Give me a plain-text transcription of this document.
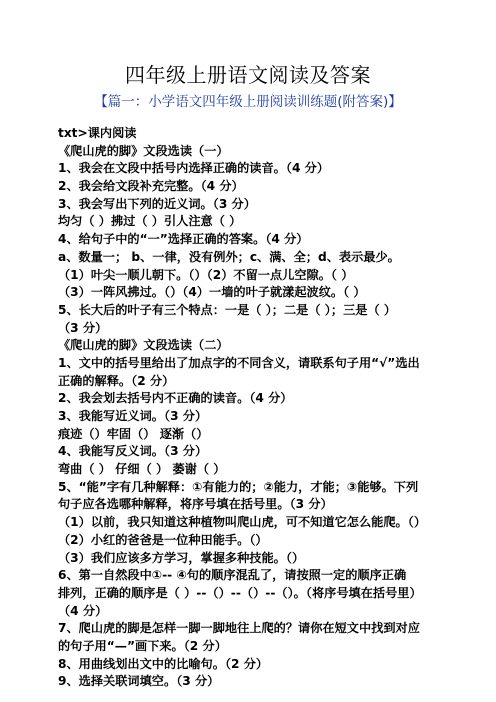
四年级上册语文阅读及答案
【篇一：小学语文四年级上册阅读训练题(附答案)】
txt>课内阅读
《爬山虎的脚》文段选读（一）
1、我会在文段中括号内选择正确的读音。（4 分）
2、我会给文段补充完整。（4 分）
3、我会写出下列的近义词。（3 分）
均匀（ ）拂过（ ）引人注意（ ）
4、给句子中的“一”选择正确的答案。（4 分）
a、数量一； b、一律，没有例外；c、满、全；d、表示最少。
（1）叶尖一顺儿朝下。（）（2）不留一点儿空隙。（ ）
（3）一阵风拂过。（）（4）一墙的叶子就漾起波纹。（ ）
5、长大后的叶子有三个特点：一是（ ）；二是（ ）；三是（ ）
（3 分）
《爬山虎的脚》文段选读（二）
1、文中的括号里给出了加点字的不同含义，请联系句子用“√”选出
正确的解释。（2 分）
2、我会划去括号内不正确的读音。（4 分）
3、我能写近义词。（3 分）
痕迹（）牢固（） 逐渐（）
4、我能写反义词。（3 分）
弯曲（ ） 仔细（ ） 萎谢（ ）
5、“能”字有几种解释：①有能力的；②能力，才能；③能够。下列
句子应各选哪种解释，将序号填在括号里。（3 分）
（1）以前，我只知道这种植物叫爬山虎，可不知道它怎么能爬。（）
（2）小红的爸爸是一位种田能手。（）
（3）我们应该多方学习，掌握多种技能。（）
6、第一自然段中①-- ④句的顺序混乱了，请按照一定的顺序正确
排列，正确的顺序是（ ）--（）--（）--（）。（将序号填在括号里）
（4 分）
7、爬山虎的脚是怎样一脚一脚地往上爬的？请你在短文中找到对应
的句子用“—”画下来。（2 分）
8、用曲线划出文中的比喻句。（2 分）
9、选择关联词填空。（3 分）
